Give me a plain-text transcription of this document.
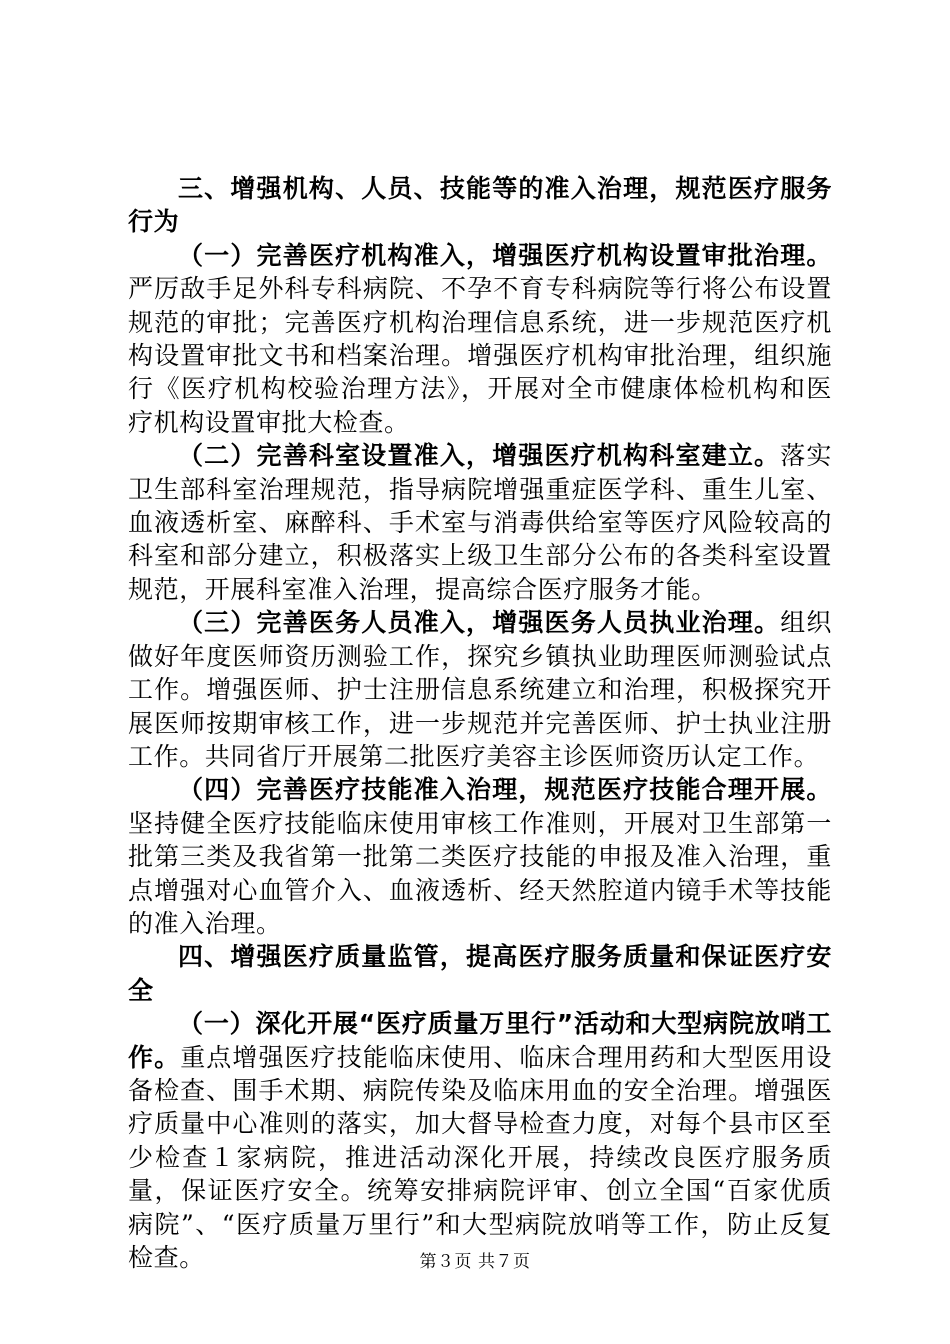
三、增强机构、人员、技能等的准入治理，规范医疗服务行为

（一）完善医疗机构准入，增强医疗机构设置审批治理。严厉敌手足外科专科病院、不孕不育专科病院等行将公布设置规范的审批；完善医疗机构治理信息系统，进一步规范医疗机构设置审批文书和档案治理。增强医疗机构审批治理，组织施行《医疗机构校验治理方法》，开展对全市健康体检机构和医疗机构设置审批大检查。

（二）完善科室设置准入，增强医疗机构科室建立。落实卫生部科室治理规范，指导病院增强重症医学科、重生儿室、血液透析室、麻醉科、手术室与消毒供给室等医疗风险较高的科室和部分建立，积极落实上级卫生部分公布的各类科室设置规范，开展科室准入治理，提高综合医疗服务才能。

（三）完善医务人员准入，增强医务人员执业治理。组织做好年度医师资历测验工作，探究乡镇执业助理医师测验试点工作。增强医师、护士注册信息系统建立和治理，积极探究开展医师按期审核工作，进一步规范并完善医师、护士执业注册工作。共同省厅开展第二批医疗美容主诊医师资历认定工作。

（四）完善医疗技能准入治理，规范医疗技能合理开展。坚持健全医疗技能临床使用审核工作准则，开展对卫生部第一批第三类及我省第一批第二类医疗技能的申报及准入治理，重点增强对心血管介入、血液透析、经天然腔道内镜手术等技能的准入治理。

四、增强医疗质量监管，提高医疗服务质量和保证医疗安全

（一）深化开展“医疗质量万里行”活动和大型病院放哨工作。重点增强医疗技能临床使用、临床合理用药和大型医用设备检查、围手术期、病院传染及临床用血的安全治理。增强医疗质量中心准则的落实，加大督导检查力度，对每个县市区至少检查１家病院，推进活动深化开展，持续改良医疗服务质量，保证医疗安全。统筹安排病院评审、创立全国“百家优质病院”、“医疗质量万里行”和大型病院放哨等工作，防止反复检查。	第３页 共７页
